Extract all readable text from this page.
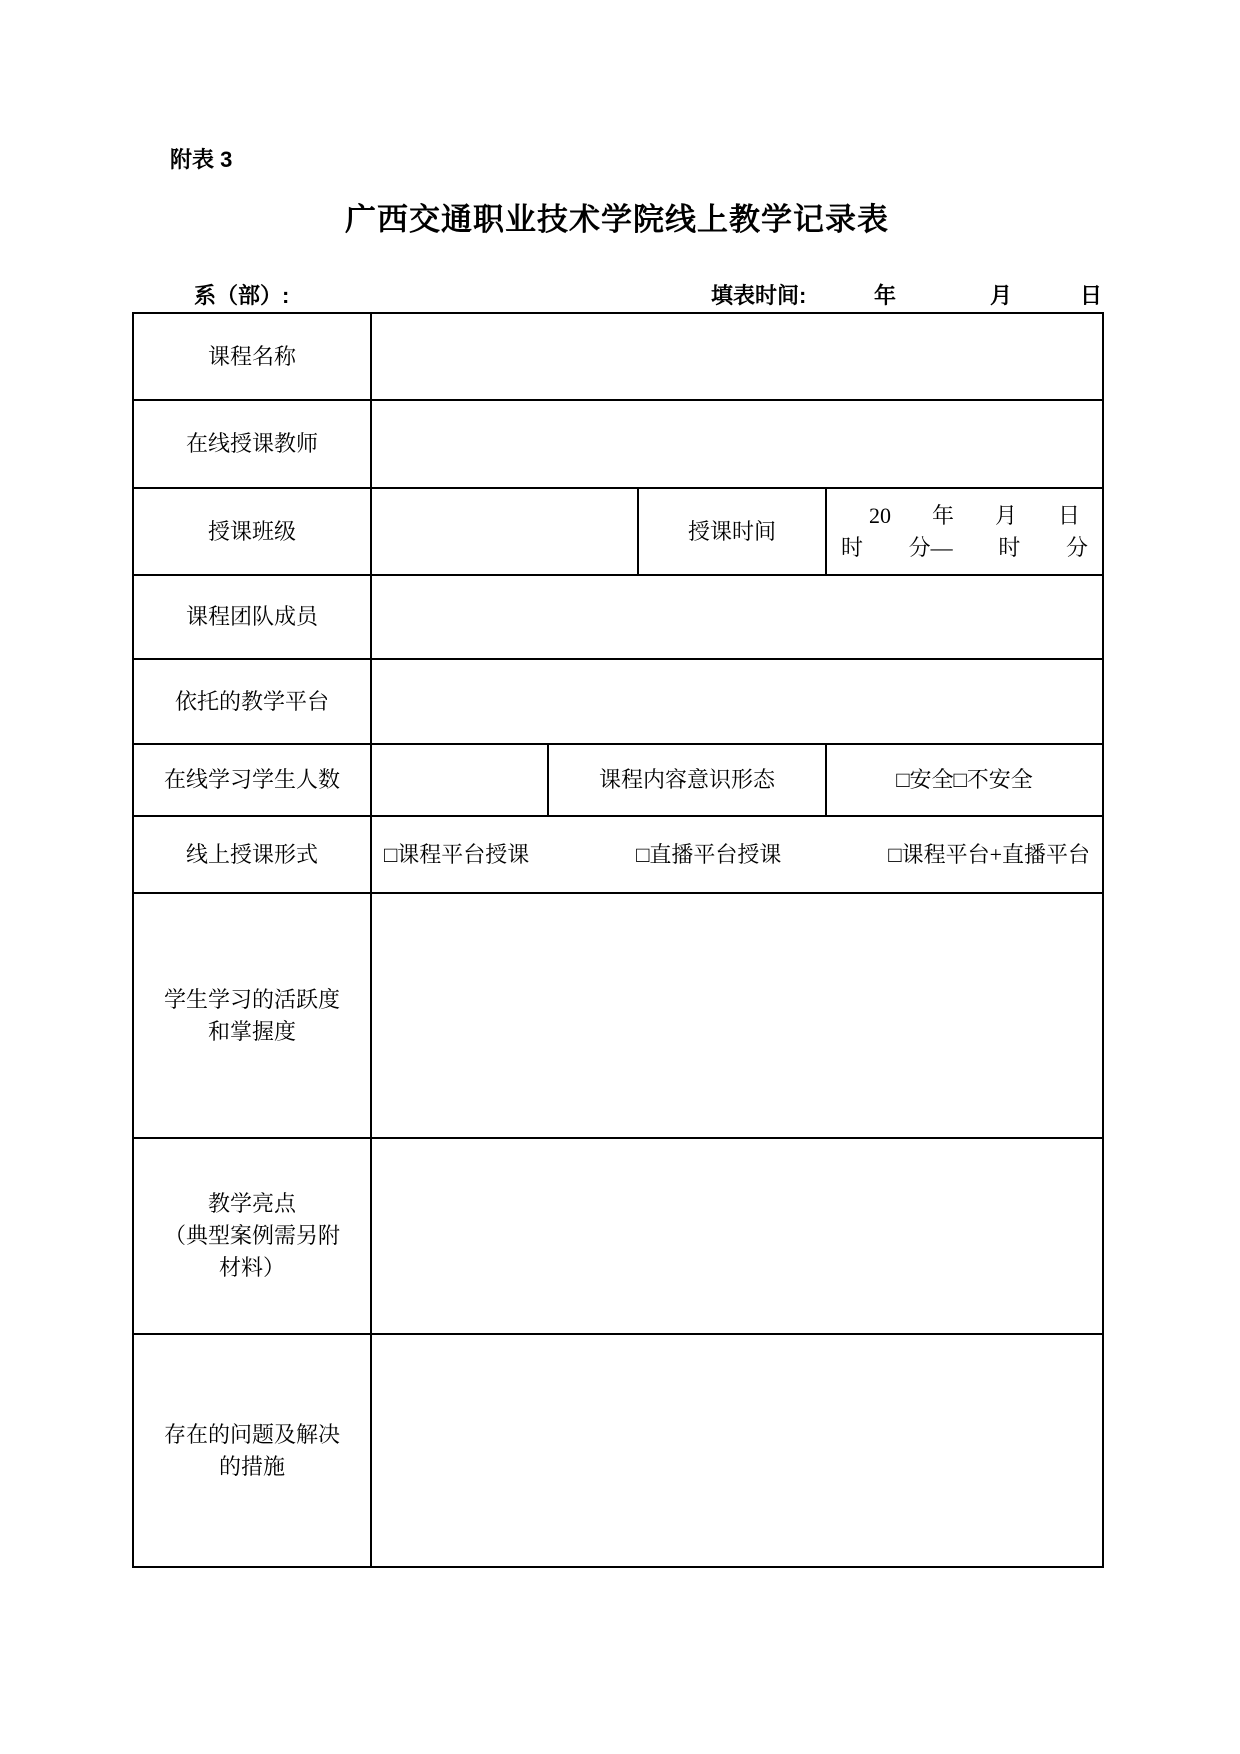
附表 3
广西交通职业技术学院线上教学记录表
系（部）:	填表时间:	年	月	日
课程名称				
在线授课教师				
授课班级		授课时间	
20 年 月 日
时 分— 时 分

课程团队成员				
依托的教学平台				
在线学习学生人数		课程内容意识形态		□安全□不安全
线上授课形式	□课程平台授课 □直播平台授课 □课程平台+直播平台			

学生学习的活跃度
和掌握度				

教学亮点
（典型案例需另附
材料）				

存在的问题及解决
的措施				
